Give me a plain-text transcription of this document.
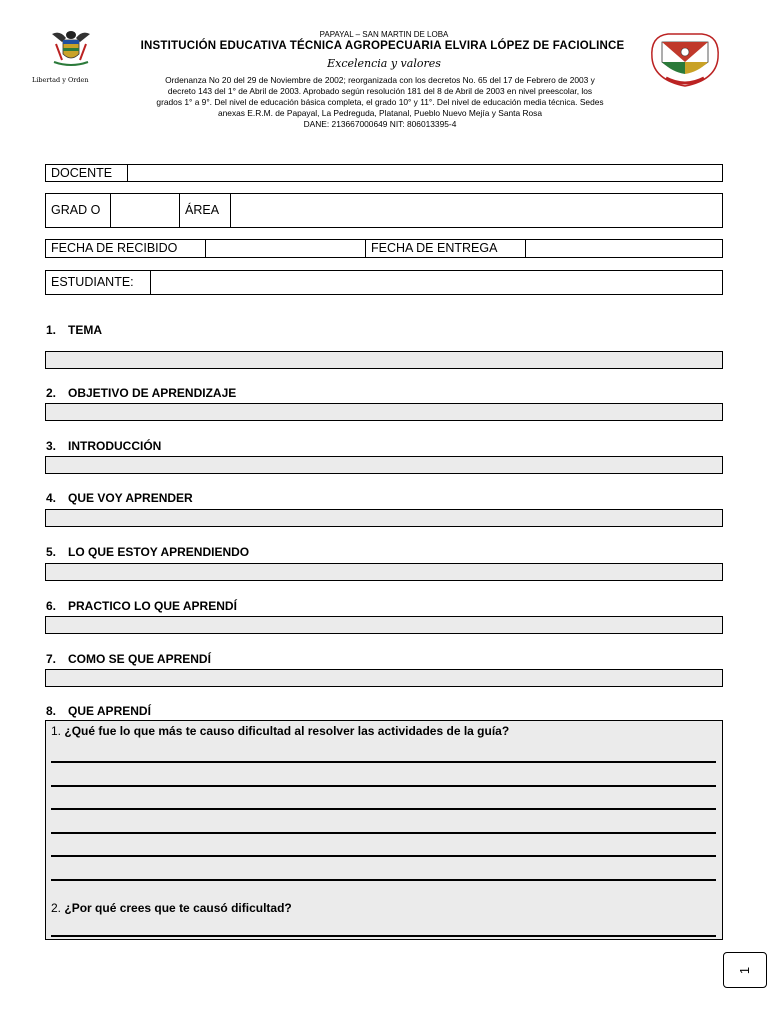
Libertad y Orden
PAPAYAL – SAN MARTIN DE LOBA
INSTITUCIÓN EDUCATIVA TÉCNICA AGROPECUARIA ELVIRA LÓPEZ DE FACIOLINCE
Excelencia y valores
Ordenanza No 20 del 29 de Noviembre de 2002; reorganizada con los decretos No. 65 del 17 de Febrero de 2003 y
decreto 143 del 1° de Abril de 2003. Aprobado según resolución 181 del 8 de Abril de 2003 en nivel preescolar, los
grados 1° a 9°. Del nivel de educación básica completa, el grado 10° y 11°. Del nivel de educación media técnica. Sedes
anexas E.R.M. de Papayal, La Pedreguda, Platanal, Pueblo Nuevo Mejía y Santa Rosa
DANE: 213667000649 NIT: 806013395-4
DOCENTE
GRAD O	ÁREA
FECHA DE RECIBIDO	FECHA DE ENTREGA
ESTUDIANTE:
1. TEMA
2. OBJETIVO DE APRENDIZAJE
3. INTRODUCCIÓN
4. QUE VOY APRENDER
5. LO QUE ESTOY APRENDIENDO
6. PRACTICO LO QUE APRENDÍ
7. COMO SE QUE APRENDÍ
8. QUE APRENDÍ
1. ¿Qué fue lo que más te causo dificultad al resolver las actividades de la guía?
2. ¿Por qué crees que te causó dificultad?
1
